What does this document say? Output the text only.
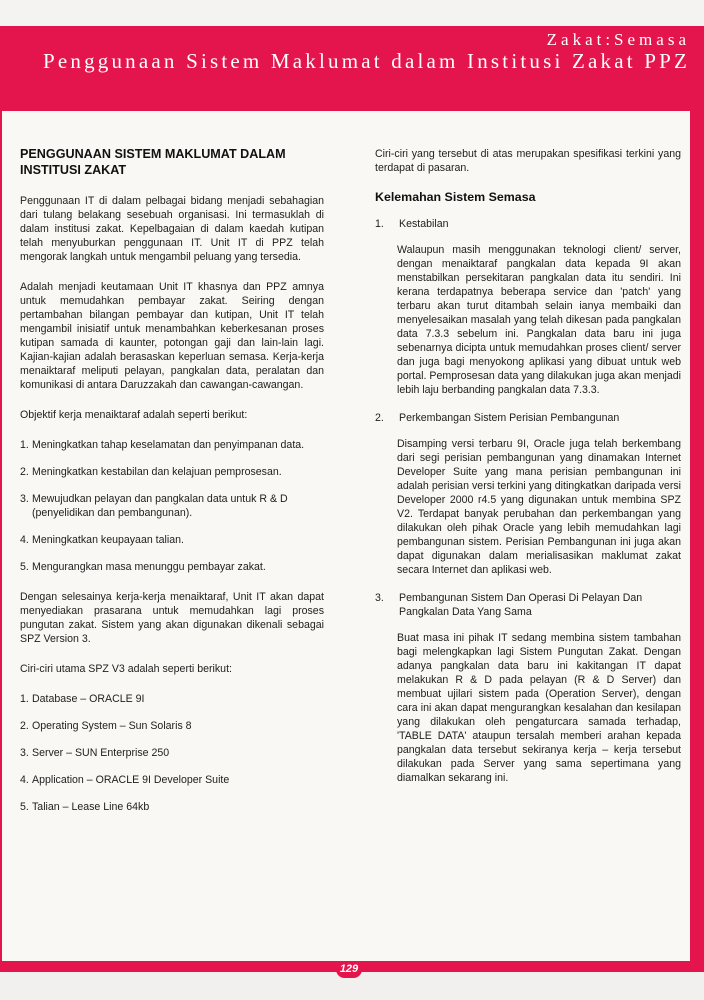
Zakat:Semasa
Penggunaan Sistem Maklumat dalam Institusi Zakat PPZ

PENGGUNAAN SISTEM MAKLUMAT DALAM INSTITUSI ZAKAT

Penggunaan IT di dalam pelbagai bidang menjadi sebahagian dari tulang belakang sesebuah organisasi. Ini termasuklah di dalam institusi zakat. Kepelbagaian di dalam kaedah kutipan telah menyuburkan penggunaan IT. Unit IT di PPZ telah mengorak langkah untuk mengambil peluang yang tersedia.

Adalah menjadi keutamaan Unit IT khasnya dan PPZ amnya untuk memudahkan pembayar zakat. Seiring dengan pertambahan bilangan pembayar dan kutipan, Unit IT telah mengambil inisiatif untuk menambahkan keberkesanan proses kutipan samada di kaunter, potongan gaji dan lain-lain lagi. Kajian-kajian adalah berasaskan keperluan semasa. Kerja-kerja menaiktaraf meliputi pelayan, pangkalan data, peralatan dan komunikasi di antara Daruzzakah dan cawangan-cawangan.

Objektif kerja menaiktaraf adalah seperti berikut:

1. Meningkatkan tahap keselamatan dan penyimpanan data.
2. Meningkatkan kestabilan dan kelajuan pemprosesan.
3. Mewujudkan pelayan dan pangkalan data untuk R & D (penyelidikan dan pembangunan).
4. Meningkatkan keupayaan talian.
5. Mengurangkan masa menunggu pembayar zakat.

Dengan selesainya kerja-kerja menaiktaraf, Unit IT akan dapat menyediakan prasarana untuk memudahkan lagi proses pungutan zakat. Sistem yang akan digunakan dikenali sebagai SPZ Version 3.

Ciri-ciri utama SPZ V3 adalah seperti berikut:

1. Database – ORACLE 9I
2. Operating System – Sun Solaris 8
3. Server – SUN Enterprise 250
4. Application – ORACLE 9I Developer Suite
5. Talian – Lease Line 64kb

Ciri-ciri yang tersebut di atas merupakan spesifikasi terkini yang terdapat di pasaran.

Kelemahan Sistem Semasa

1.	Kestabilan

Walaupun masih menggunakan teknologi client/ server, dengan menaiktaraf pangkalan data kepada 9I akan menstabilkan persekitaran pangkalan data itu sendiri. Ini kerana terdapatnya beberapa service dan 'patch' yang terbaru akan turut ditambah selain ianya membaiki dan menyelesaikan masalah yang telah dikesan pada pangkalan data 7.3.3 sebelum ini. Pangkalan data baru ini juga sebenarnya dicipta untuk memudahkan proses client/ server dan juga bagi menyokong aplikasi yang dibuat untuk web portal. Pemprosesan data yang dilakukan juga akan menjadi lebih laju berbanding pangkalan data 7.3.3.

2.	Perkembangan Sistem Perisian Pembangunan

Disamping versi terbaru 9I, Oracle juga telah berkembang dari segi perisian pembangunan yang dinamakan Internet Developer Suite yang mana perisian pembangunan ini adalah perisian versi terkini yang ditingkatkan daripada versi Developer 2000 r4.5 yang digunakan untuk membina SPZ V2. Terdapat banyak perubahan dan perkembangan yang dilakukan oleh pihak Oracle yang lebih memudahkan lagi pembangunan sistem. Perisian Pembangunan ini juga akan dapat digunakan dalam merialisasikan maklumat zakat secara Internet dan aplikasi web.

3.	Pembangunan Sistem Dan Operasi Di Pelayan Dan Pangkalan Data Yang Sama

Buat masa ini pihak IT sedang membina sistem tambahan bagi melengkapkan lagi Sistem Pungutan Zakat. Dengan adanya pangkalan data baru ini kakitangan IT dapat melakukan R & D pada pelayan (R & D Server) dan membuat ujilari sistem pada (Operation Server), dengan cara ini akan dapat mengurangkan kesalahan dan kesilapan yang dilakukan oleh pengaturcara samada terhadap, 'TABLE DATA' ataupun tersalah memberi arahan kepada pangkalan data tersebut sekiranya kerja – kerja tersebut dilakukan pada Server yang sama sepertimana yang diamalkan sekarang ini.

129
